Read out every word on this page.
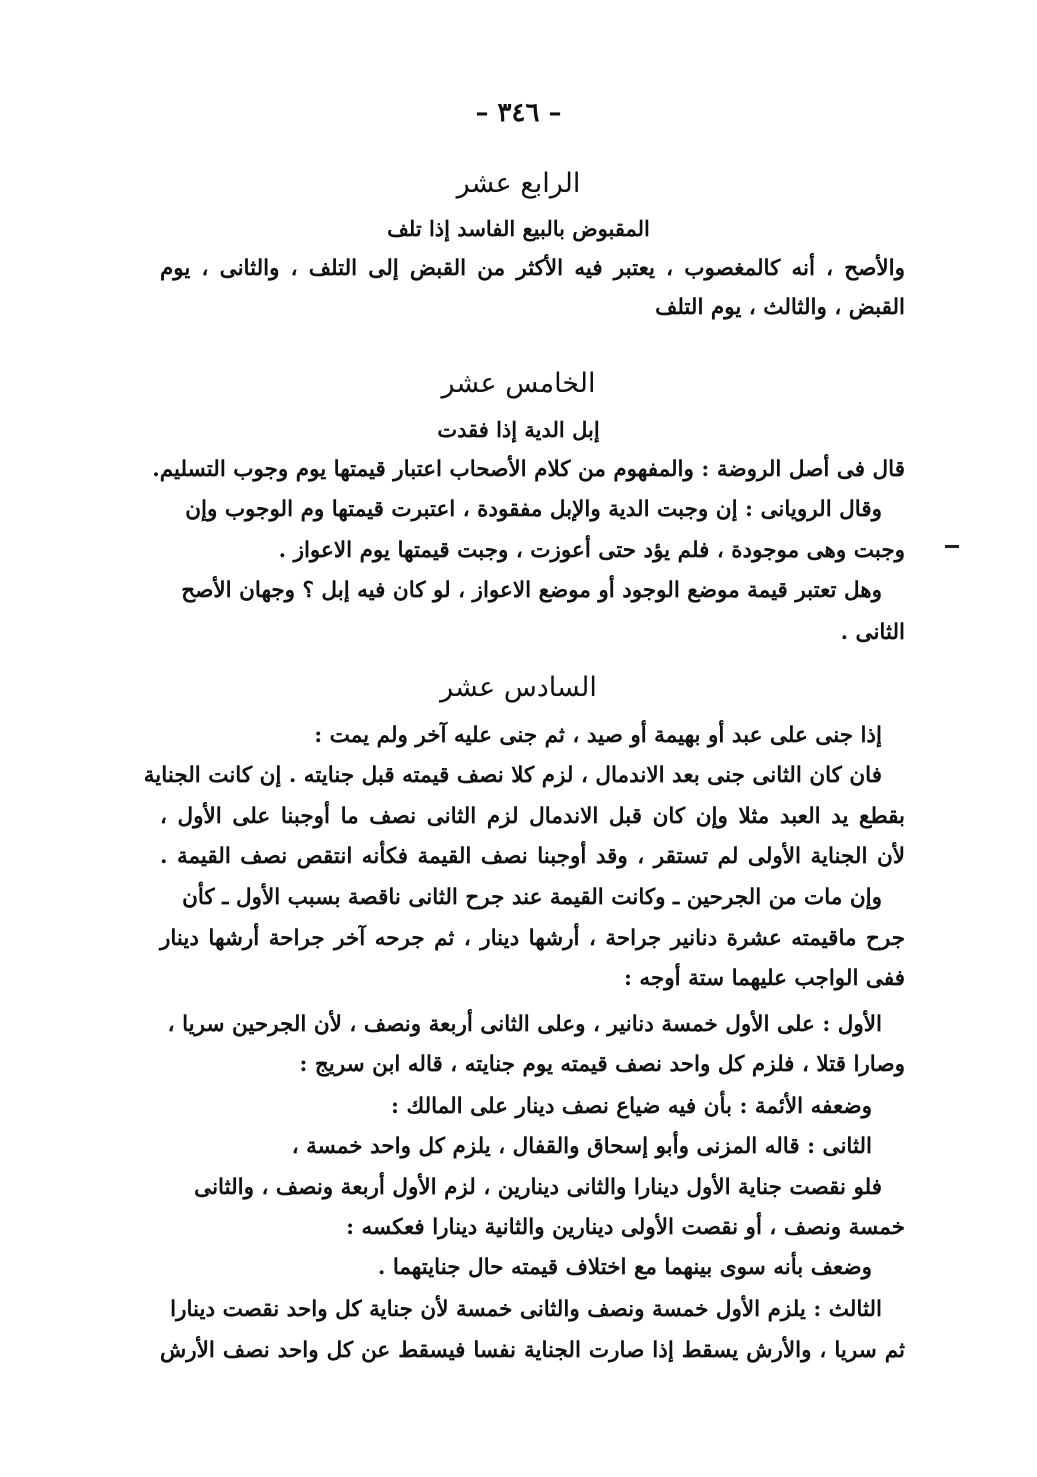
– ٣٤٦ –
الرابع عشر
المقبوض بالبيع الفاسد إذا تلف
والأصح ، أنه كالمغصوب ، يعتبر فيه الأكثر من القبض إلى التلف ، والثانى ، يوم
القبض ، والثالث ، يوم التلف
الخامس عشر
إبل الدية إذا فقدت
قال فى أصل الروضة : والمفهوم من كلام الأصحاب اعتبار قيمتها يوم وجوب التسليم.
وقال الرويانى : إن وجبت الدية والإبل مفقودة ، اعتبرت قيمتها وم الوجوب وإن
وجبت وهى موجودة ، فلم يؤد حتى أعوزت ، وجبت قيمتها يوم الاعواز .
وهل تعتبر قيمة موضع الوجود أو موضع الاعواز ، لو كان فيه إبل ؟ وجهان الأصح
الثانى .
السادس عشر
إذا جنى على عبد أو بهيمة أو صيد ، ثم جنى عليه آخر ولم يمت :
فان كان الثانى جنى بعد الاندمال ، لزم كلا نصف قيمته قبل جنايته . إن كانت الجناية
بقطع يد العبد مثلا وإن كان قبل الاندمال لزم الثانى نصف ما أوجبنا على الأول ،
لأن الجناية الأولى لم تستقر ، وقد أوجبنا نصف القيمة فكأنه انتقص نصف القيمة .
وإن مات من الجرحين ـ وكانت القيمة عند جرح الثانى ناقصة بسبب الأول ـ كأن
جرح ماقيمته عشرة دنانير جراحة ، أرشها دينار ، ثم جرحه آخر جراحة أرشها دينار
ففى الواجب عليهما ستة أوجه :
الأول : على الأول خمسة دنانير ، وعلى الثانى أربعة ونصف ، لأن الجرحين سريا ،
وصارا قتلا ، فلزم كل واحد نصف قيمته يوم جنايته ، قاله ابن سريج :
وضعفه الأئمة : بأن فيه ضياع نصف دينار على المالك :
الثانى : قاله المزنى وأبو إسحاق والقفال ، يلزم كل واحد خمسة ،
فلو نقصت جناية الأول دينارا والثانى دينارين ، لزم الأول أربعة ونصف ، والثانى
خمسة ونصف ، أو نقصت الأولى دينارين والثانية دينارا فعكسه :
وضعف بأنه سوى بينهما مع اختلاف قيمته حال جنايتهما .
الثالث : يلزم الأول خمسة ونصف والثانى خمسة لأن جناية كل واحد نقصت دينارا
ثم سريا ، والأرش يسقط إذا صارت الجناية نفسا فيسقط عن كل واحد نصف الأرش
